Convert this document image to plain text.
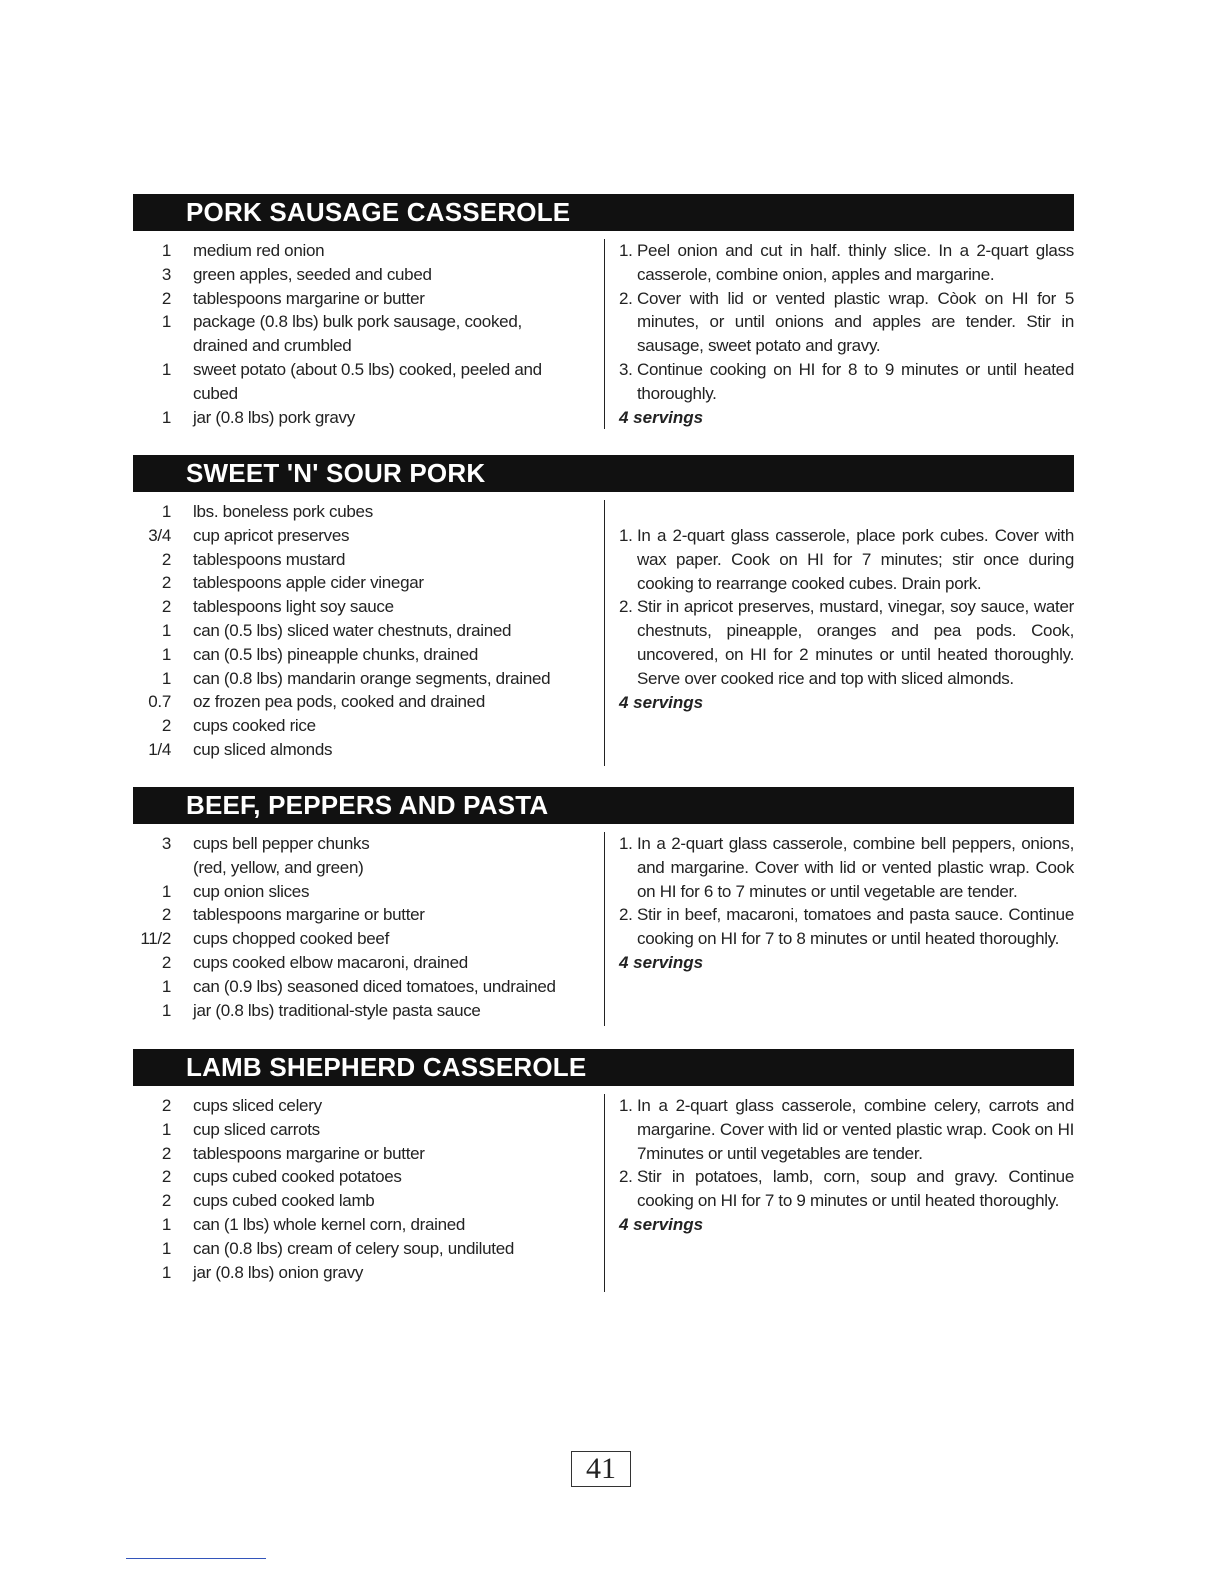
PORK SAUSAGE CASSEROLE
1 medium red onion
3 green apples, seeded and cubed
2 tablespoons margarine or butter
1 package (0.8 lbs) bulk pork sausage, cooked, drained and crumbled
1 sweet potato (about 0.5 lbs) cooked, peeled and cubed
1 jar (0.8 lbs) pork gravy
1. Peel onion and cut in half. thinly slice. In a 2-quart glass casserole, combine onion, apples and margarine.
2. Cover with lid or vented plastic wrap. Còok on HI for 5 minutes, or until onions and apples are tender. Stir in sausage, sweet potato and gravy.
3. Continue cooking on HI for 8 to 9 minutes or until heated thoroughly.
4 servings
SWEET 'N' SOUR PORK
1 lbs. boneless pork cubes
3/4 cup apricot preserves
2 tablespoons mustard
2 tablespoons apple cider vinegar
2 tablespoons light soy sauce
1 can (0.5 lbs) sliced water chestnuts, drained
1 can (0.5 lbs) pineapple chunks, drained
1 can (0.8 lbs) mandarin orange segments, drained
0.7 oz frozen pea pods, cooked and drained
2 cups cooked rice
1/4 cup sliced almonds
1. In a 2-quart glass casserole, place pork cubes. Cover with wax paper. Cook on HI for 7 minutes; stir once during cooking to rearrange cooked cubes. Drain pork.
2. Stir in apricot preserves, mustard, vinegar, soy sauce, water chestnuts, pineapple, oranges and pea pods. Cook, uncovered, on HI for 2 minutes or until heated thoroughly. Serve over cooked rice and top with sliced almonds.
4 servings
BEEF, PEPPERS AND PASTA
3 cups bell pepper chunks (red, yellow, and green)
1 cup onion slices
2 tablespoons margarine or butter
11/2 cups chopped cooked beef
2 cups cooked elbow macaroni, drained
1 can (0.9 lbs) seasoned diced tomatoes, undrained
1 jar (0.8 lbs) traditional-style pasta sauce
1. In a 2-quart glass casserole, combine bell peppers, onions, and margarine. Cover with lid or vented plastic wrap. Cook on HI for 6 to 7 minutes or until vegetable are tender.
2. Stir in beef, macaroni, tomatoes and pasta sauce. Continue cooking on HI for 7 to 8 minutes or until heated thoroughly.
4 servings
LAMB SHEPHERD CASSEROLE
2 cups sliced celery
1 cup sliced carrots
2 tablespoons margarine or butter
2 cups cubed cooked potatoes
2 cups cubed cooked lamb
1 can (1 lbs) whole kernel corn, drained
1 can (0.8 lbs) cream of celery soup, undiluted
1 jar (0.8 lbs) onion gravy
1. In a 2-quart glass casserole, combine celery, carrots and margarine. Cover with lid or vented plastic wrap. Cook on HI 7minutes or until vegetables are tender.
2. Stir in potatoes, lamb, corn, soup and gravy. Continue cooking on HI for 7 to 9 minutes or until heated thoroughly.
4 servings
41
